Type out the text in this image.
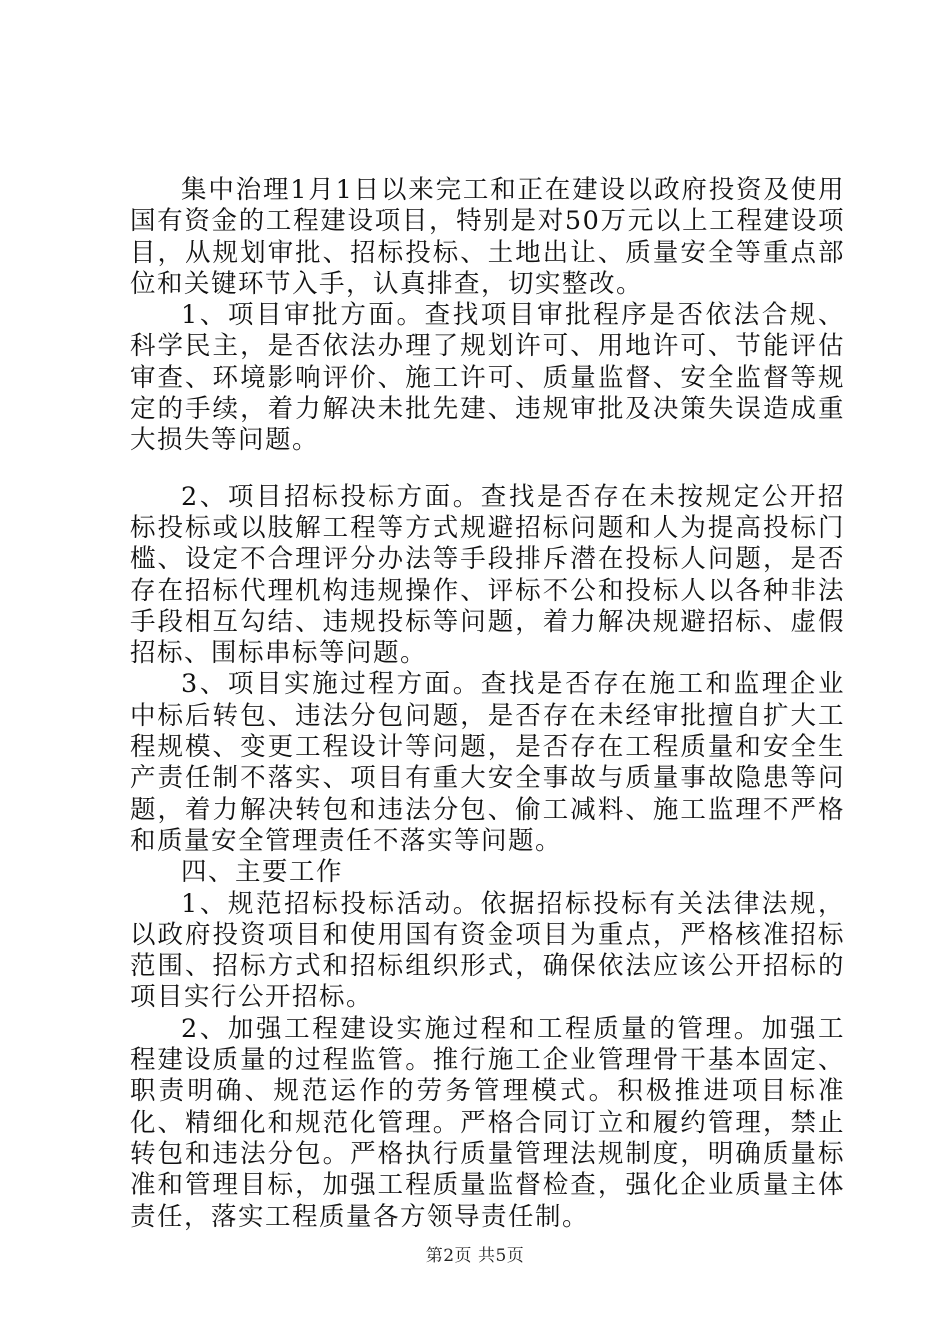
集中治理1月1日以来完工和正在建设以政府投资及使用国有资金的工程建设项目，特别是对50万元以上工程建设项目，从规划审批、招标投标、土地出让、质量安全等重点部位和关键环节入手，认真排查，切实整改。

1、项目审批方面。查找项目审批程序是否依法合规、科学民主，是否依法办理了规划许可、用地许可、节能评估审查、环境影响评价、施工许可、质量监督、安全监督等规定的手续，着力解决未批先建、违规审批及决策失误造成重大损失等问题。

2、项目招标投标方面。查找是否存在未按规定公开招标投标或以肢解工程等方式规避招标问题和人为提高投标门槛、设定不合理评分办法等手段排斥潜在投标人问题，是否存在招标代理机构违规操作、评标不公和投标人以各种非法手段相互勾结、违规投标等问题，着力解决规避招标、虚假招标、围标串标等问题。

3、项目实施过程方面。查找是否存在施工和监理企业中标后转包、违法分包问题，是否存在未经审批擅自扩大工程规模、变更工程设计等问题，是否存在工程质量和安全生产责任制不落实、项目有重大安全事故与质量事故隐患等问题，着力解决转包和违法分包、偷工减料、施工监理不严格和质量安全管理责任不落实等问题。

四、主要工作

1、规范招标投标活动。依据招标投标有关法律法规，以政府投资项目和使用国有资金项目为重点，严格核准招标范围、招标方式和招标组织形式，确保依法应该公开招标的项目实行公开招标。

2、加强工程建设实施过程和工程质量的管理。加强工程建设质量的过程监管。推行施工企业管理骨干基本固定、职责明确、规范运作的劳务管理模式。积极推进项目标准化、精细化和规范化管理。严格合同订立和履约管理，禁止转包和违法分包。严格执行质量管理法规制度，明确质量标准和管理目标，加强工程质量监督检查，强化企业质量主体责任，落实工程质量各方领导责任制。

第2页 共5页
